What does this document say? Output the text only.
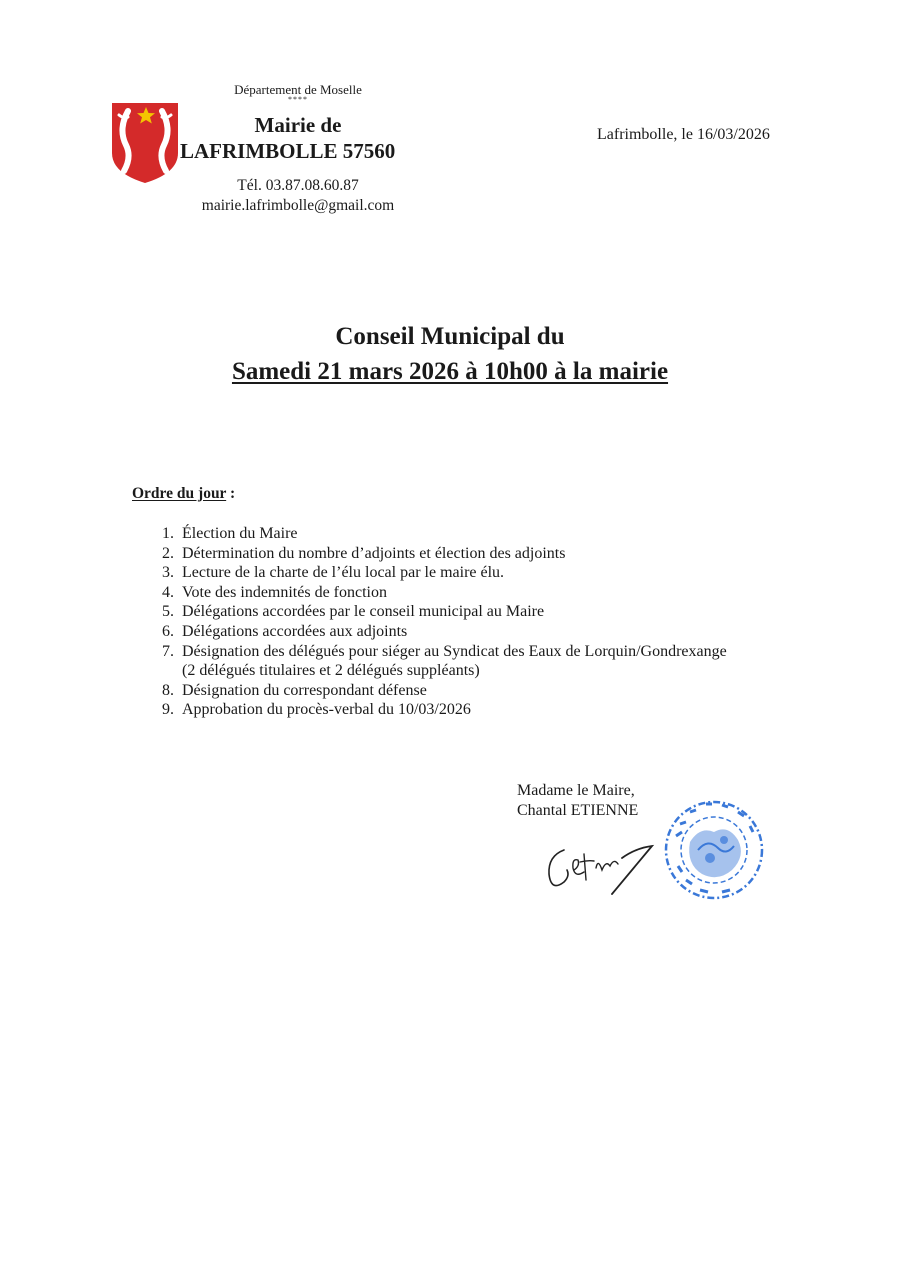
Département de Moselle

****
Mairie de
LAFRIMBOLLE 57560
Tél. 03.87.08.60.87
mairie.lafrimbolle@gmail.com
Lafrimbolle, le 16/03/2026
Conseil Municipal du
Samedi 21 mars 2026 à 10h00 à la mairie
Ordre du jour :
1. Élection du Maire
2. Détermination du nombre d’adjoints et élection des adjoints
3. Lecture de la charte de l’élu local par le maire élu.
4. Vote des indemnités de fonction
5. Délégations accordées par le conseil municipal au Maire
6. Délégations accordées aux adjoints
7. Désignation des délégués pour siéger au Syndicat des Eaux de Lorquin/Gondrexange
(2 délégués titulaires et 2 délégués suppléants)
8. Désignation du correspondant défense
9. Approbation du procès-verbal du 10/03/2026
Madame le Maire,
Chantal ETIENNE
